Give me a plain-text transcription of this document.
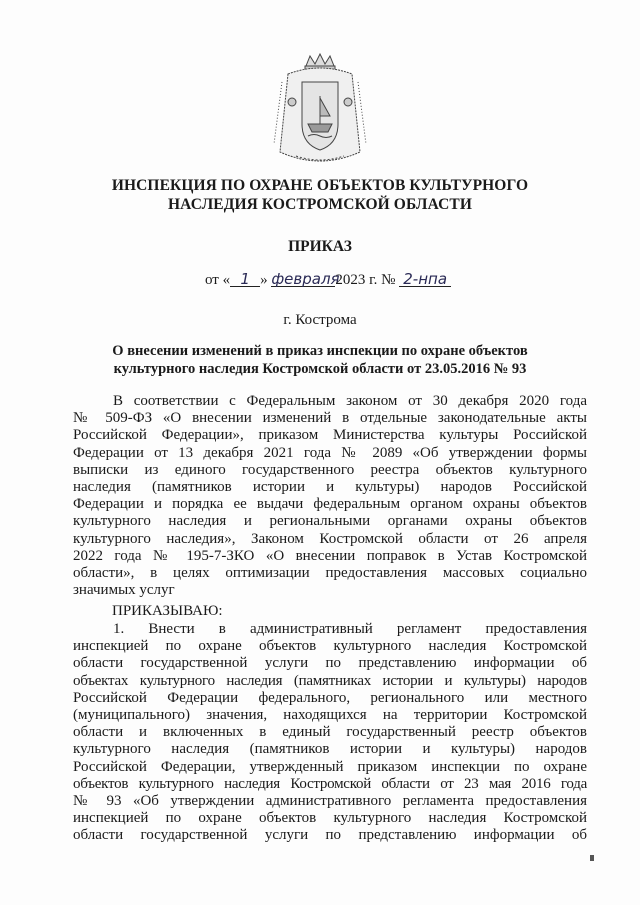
ИНСПЕКЦИЯ ПО ОХРАНЕ ОБЪЕКТОВ КУЛЬТУРНОГО
НАСЛЕДИЯ КОСТРОМСКОЙ ОБЛАСТИ
ПРИКАЗ
от « 1 » февраля2023 г. № 2-нпа
г. Кострома
О внесении изменений в приказ инспекции по охране объектов
культурного наследия Костромской области от 23.05.2016 № 93
В соответствии с Федеральным законом от 30 декабря 2020 года
№ 509-ФЗ «О внесении изменений в отдельные законодательные акты
Российской Федерации», приказом Министерства культуры Российской
Федерации от 13 декабря 2021 года № 2089 «Об утверждении формы
выписки из единого государственного реестра объектов культурного
наследия (памятников истории и культуры) народов Российской
Федерации и порядка ее выдачи федеральным органом охраны объектов
культурного наследия и региональными органами охраны объектов
культурного наследия», Законом Костромской области от 26 апреля
2022 года № 195-7-ЗКО «О внесении поправок в Устав Костромской
области», в целях оптимизации предоставления массовых социально
значимых услуг
ПРИКАЗЫВАЮ:
1. Внести в административный регламент предоставления
инспекцией по охране объектов культурного наследия Костромской
области государственной услуги по представлению информации об
объектах культурного наследия (памятниках истории и культуры) народов
Российской Федерации федерального, регионального или местного
(муниципального) значения, находящихся на территории Костромской
области и включенных в единый государственный реестр объектов
культурного наследия (памятников истории и культуры) народов
Российской Федерации, утвержденный приказом инспекции по охране
объектов культурного наследия Костромской области от 23 мая 2016 года
№ 93 «Об утверждении административного регламента предоставления
инспекцией по охране объектов культурного наследия Костромской
области государственной услуги по представлению информации об
